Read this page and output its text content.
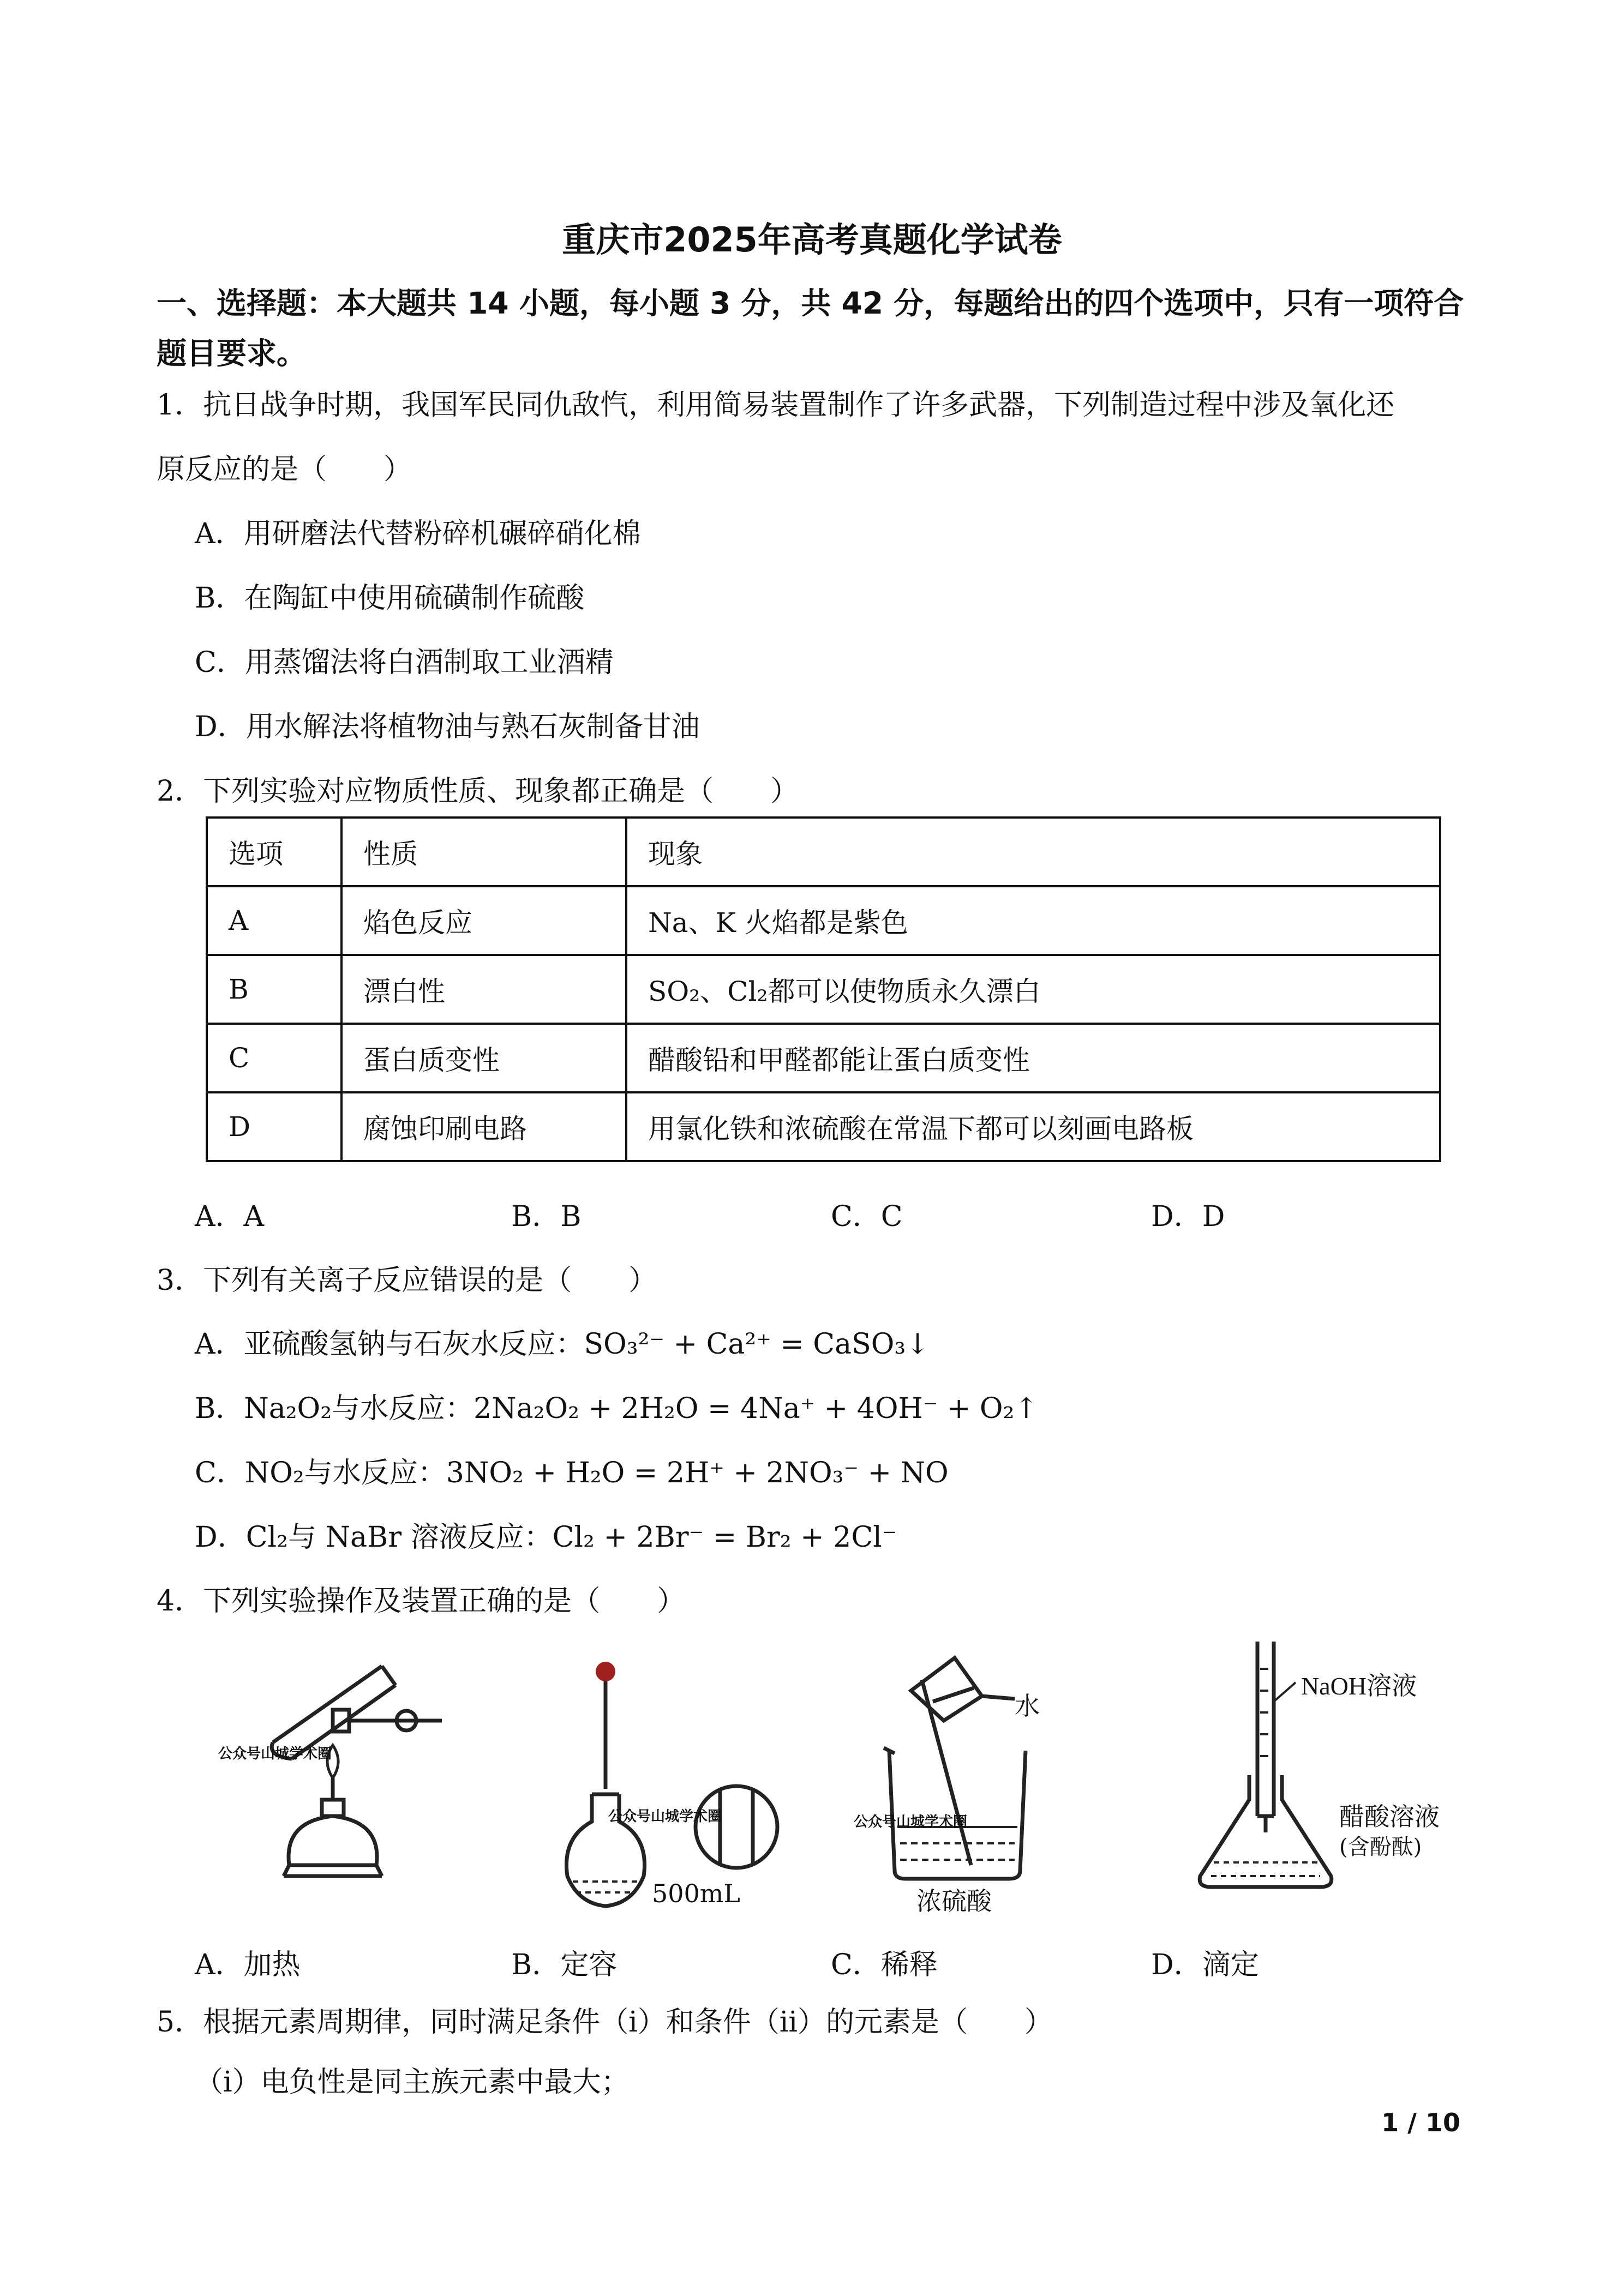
重庆市2025年高考真题化学试卷
一、选择题：本大题共 14 小题，每小题 3 分，共 42 分，每题给出的四个选项中，只有一项符合题目要求。
1．抗日战争时期，我国军民同仇敌忾，利用简易装置制作了许多武器，下列制造过程中涉及氧化还
原反应的是（　　）
A．用研磨法代替粉碎机碾碎硝化棉
B．在陶缸中使用硫磺制作硫酸
C．用蒸馏法将白酒制取工业酒精
D．用水解法将植物油与熟石灰制备甘油
2．下列实验对应物质性质、现象都正确是（　　）
选项	性质	现象
A	焰色反应	Na、K 火焰都是紫色
B	漂白性	SO₂、Cl₂都可以使物质永久漂白
C	蛋白质变性	醋酸铅和甲醛都能让蛋白质变性
D	腐蚀印刷电路	用氯化铁和浓硫酸在常温下都可以刻画电路板
A．A	B．B	C．C	D．D
3．下列有关离子反应错误的是（　　）
A．亚硫酸氢钠与石灰水反应：SO₃²⁻ + Ca²⁺ = CaSO₃↓
B．Na₂O₂与水反应：2Na₂O₂ + 2H₂O = 4Na⁺ + 4OH⁻ + O₂↑
C．NO₂与水反应：3NO₂ + H₂O = 2H⁺ + 2NO₃⁻ + NO
D．Cl₂与 NaBr 溶液反应：Cl₂ + 2Br⁻ = Br₂ + 2Cl⁻
4．下列实验操作及装置正确的是（　　）
公众号山城学术圈
公众号山城学术圈
500mL
水
公众号山城学术圈
浓硫酸
NaOH溶液
醋酸溶液
(含酚酞)
A．加热	B．定容	C．稀释	D．滴定
5．根据元素周期律，同时满足条件（i）和条件（ii）的元素是（　　）
（i）电负性是同主族元素中最大；
1 / 10
